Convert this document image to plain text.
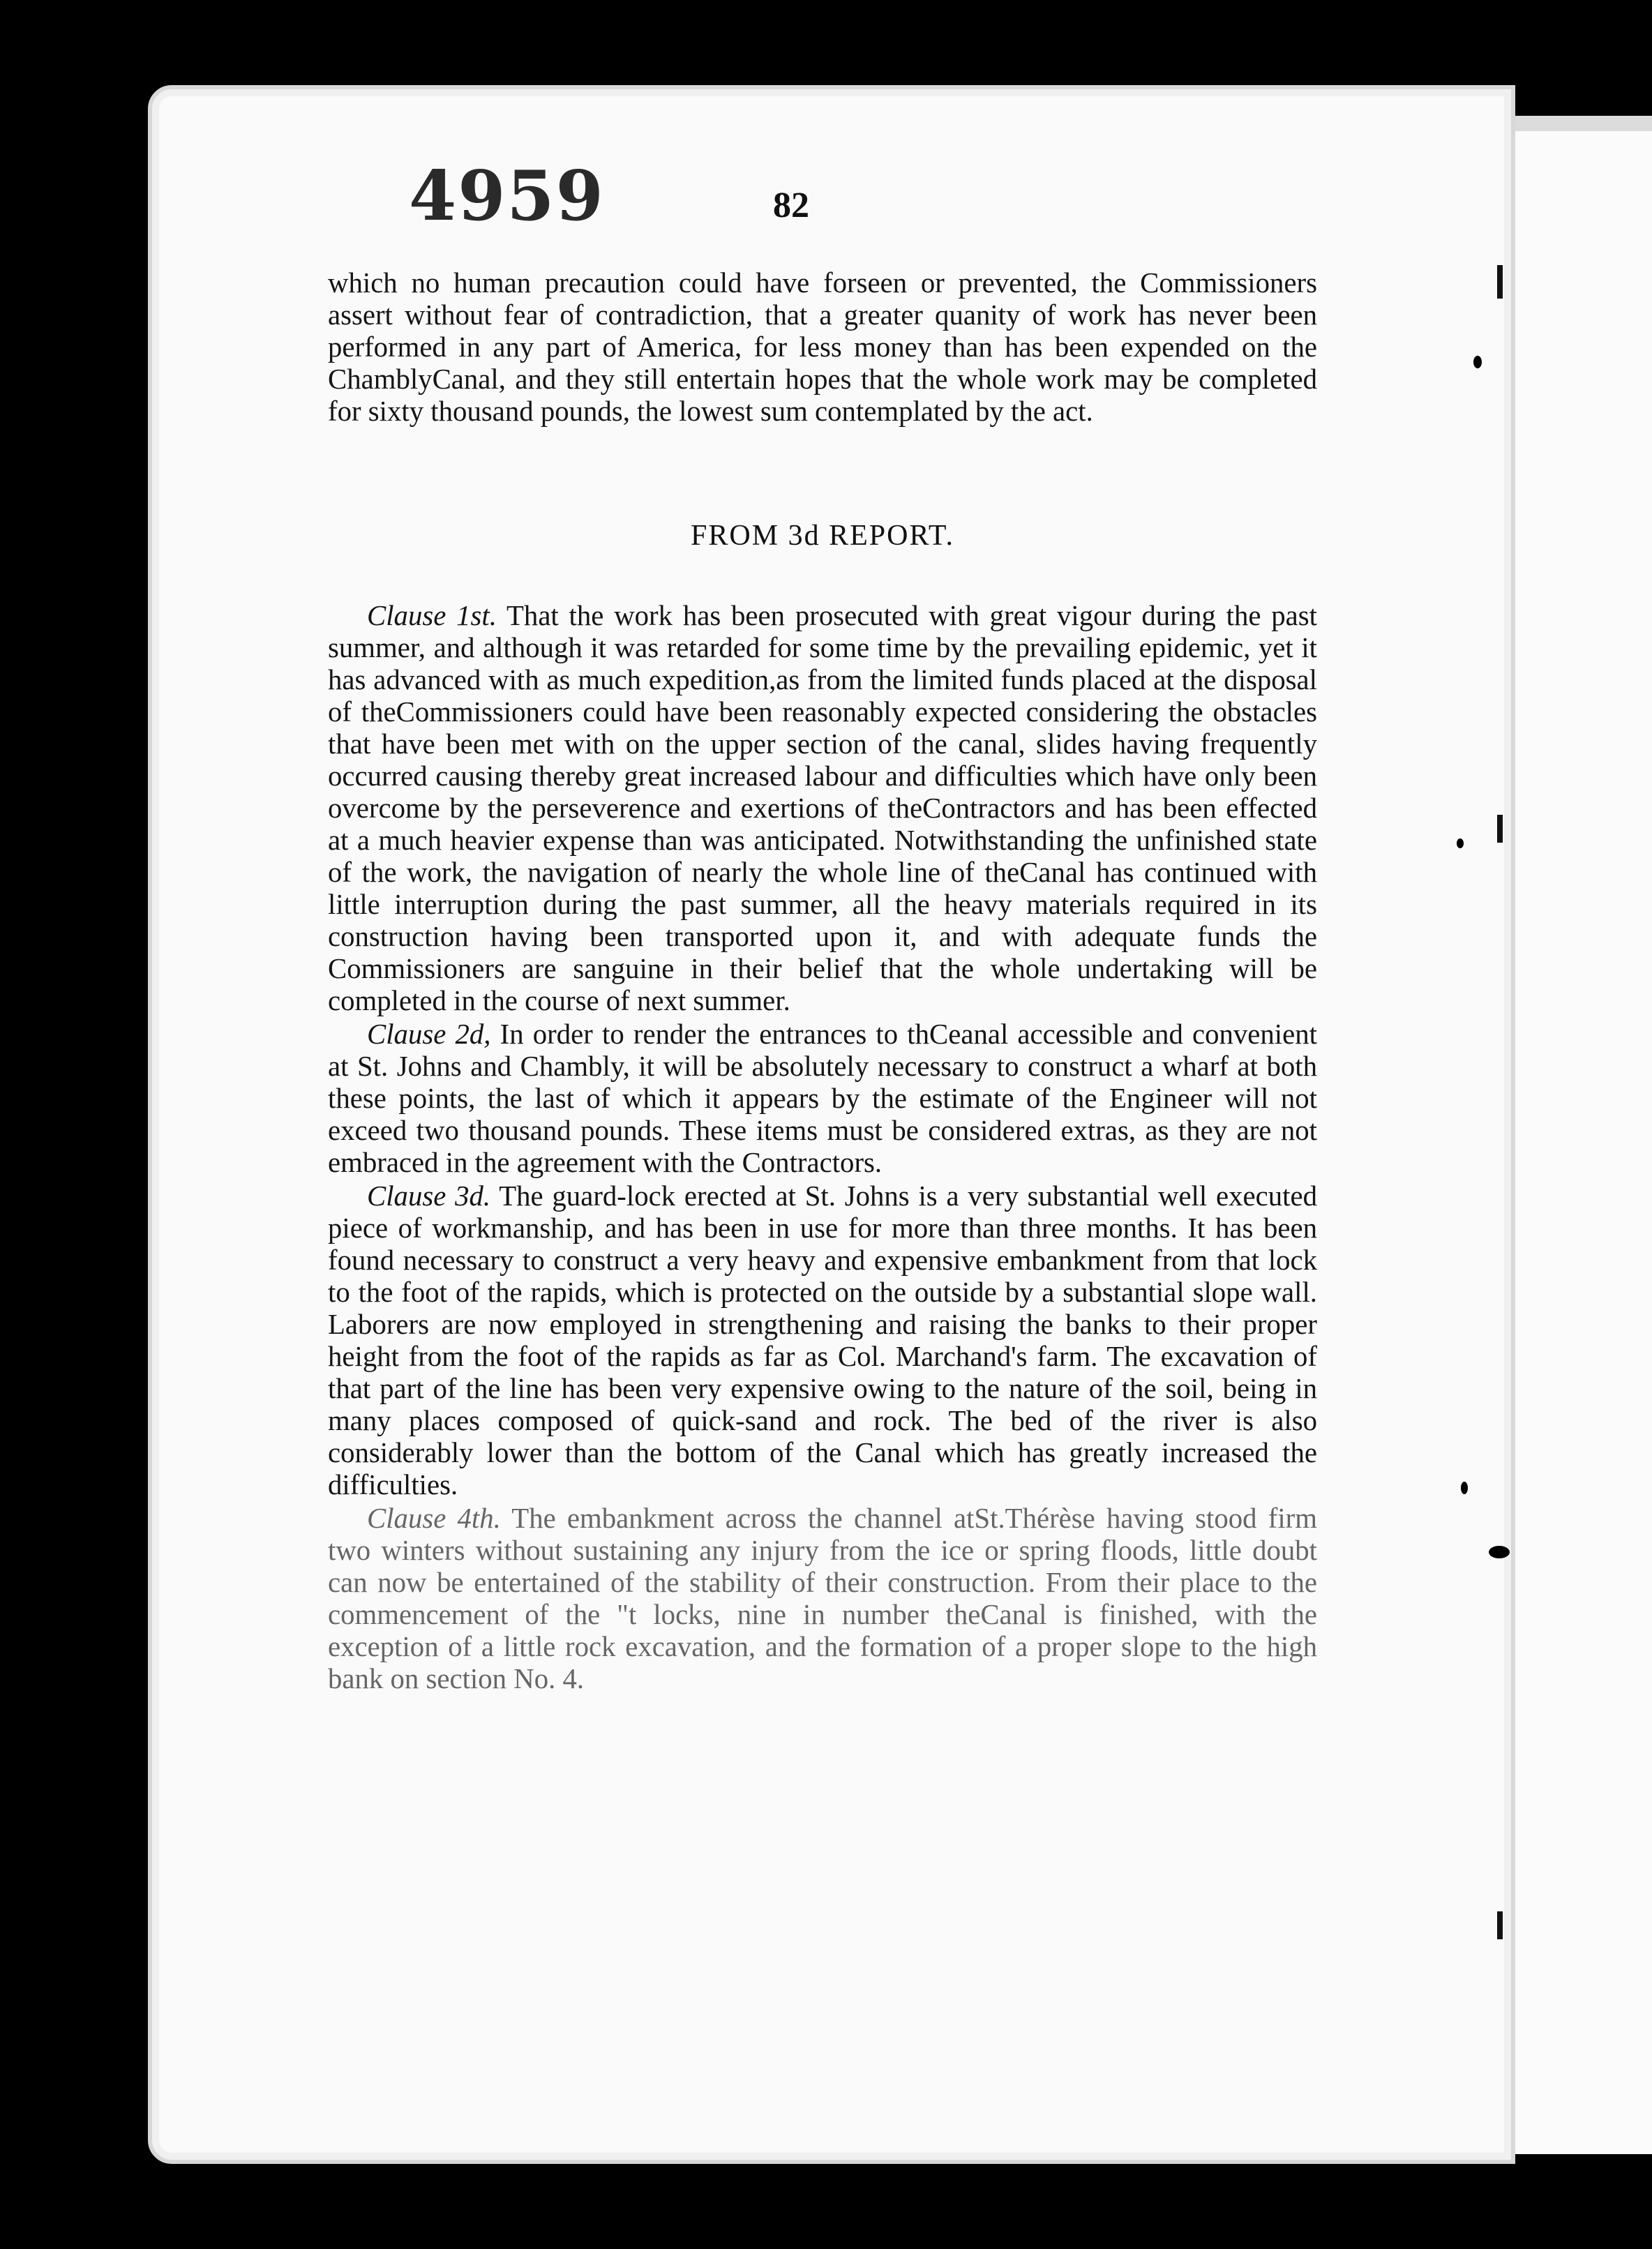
4959	82
which no human precaution could have forseen or prevented, the Commissioners assert without fear of contradiction, that a greater quanity of work has never been performed in any part of America, for less money than has been expended on the ChamblyCanal, and they still entertain hopes that the whole work may be completed for sixty thousand pounds, the lowest sum contemplated by the act.
FROM 3d REPORT.

Clause 1st. That the work has been prosecuted with great vigour during the past summer, and although it was retarded for some time by the prevailing epidemic, yet it has advanced with as much expedition,as from the limited funds placed at the disposal of theCommissioners could have been reasonably expected considering the obstacles that have been met with on the upper section of the canal, slides having frequently occurred causing thereby great increased labour and difficulties which have only been overcome by the perseverence and exertions of theContractors and has been effected at a much heavier expense than was anticipated. Notwithstanding the unfinished state of the work, the navigation of nearly the whole line of theCanal has continued with little interruption during the past summer, all the heavy materials required in its construction having been transported upon it, and with adequate funds the Commissioners are sanguine in their belief that the whole undertaking will be completed in the course of next summer.

Clause 2d, In order to render the entrances to thCeanal accessible and convenient at St. Johns and Chambly, it will be absolutely necessary to construct a wharf at both these points, the last of which it appears by the estimate of the Engineer will not exceed two thousand pounds. These items must be considered extras, as they are not embraced in the agreement with the Contractors.

Clause 3d. The guard-lock erected at St. Johns is a very substantial well executed piece of workmanship, and has been in use for more than three months. It has been found necessary to construct a very heavy and expensive embankment from that lock to the foot of the rapids, which is protected on the outside by a substantial slope wall. Laborers are now employed in strengthening and raising the banks to their proper height from the foot of the rapids as far as Col. Marchand's farm. The excavation of that part of the line has been very expensive owing to the nature of the soil, being in many places composed of quick-sand and rock. The bed of the river is also considerably lower than the bottom of the Canal which has greatly increased the difficulties.

Clause 4th. The embankment across the channel atSt.Thérèse having stood firm two winters without sustaining any injury from the ice or spring floods, little doubt can now be entertained of the stability of their construction. From their place to the commencement of the "t locks, nine in number theCanal is finished, with the exception of a little rock excavation, and the formation of a proper slope to the high bank on section No. 4.
